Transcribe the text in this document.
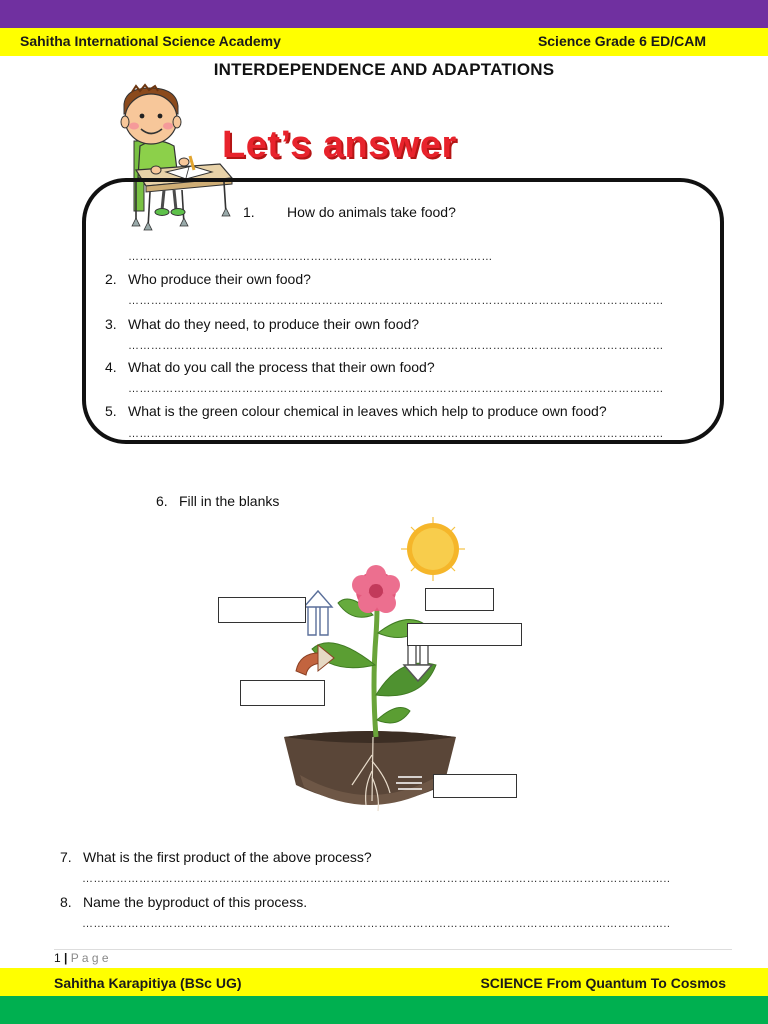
Sahitha International Science Academy	Science Grade 6 ED/CAM
INTERDEPENDENCE AND ADAPTATIONS
Let’s answer
1. How do animals take food?
……………………………………………………………………………………
2. Who produce their own food?
……………………………………………………………………………………………………………………………
3. What do they need, to produce their own food?
……………………………………………………………………………………………………………………………
4. What do you call the process that their own food?
……………………………………………………………………………………………………………………………
5. What is the green colour chemical in leaves which help to produce own food?
……………………………………………………………………………………………………………………………
6. Fill in the blanks
7. What is the first product of the above process?
………………………………………………………………………………………………………………………………………..
8. Name the byproduct of this process.
………………………………………………………………………………………………………………………………………..
1 | P a g e
Sahitha Karapitiya (BSc UG)	SCIENCE From Quantum To Cosmos
